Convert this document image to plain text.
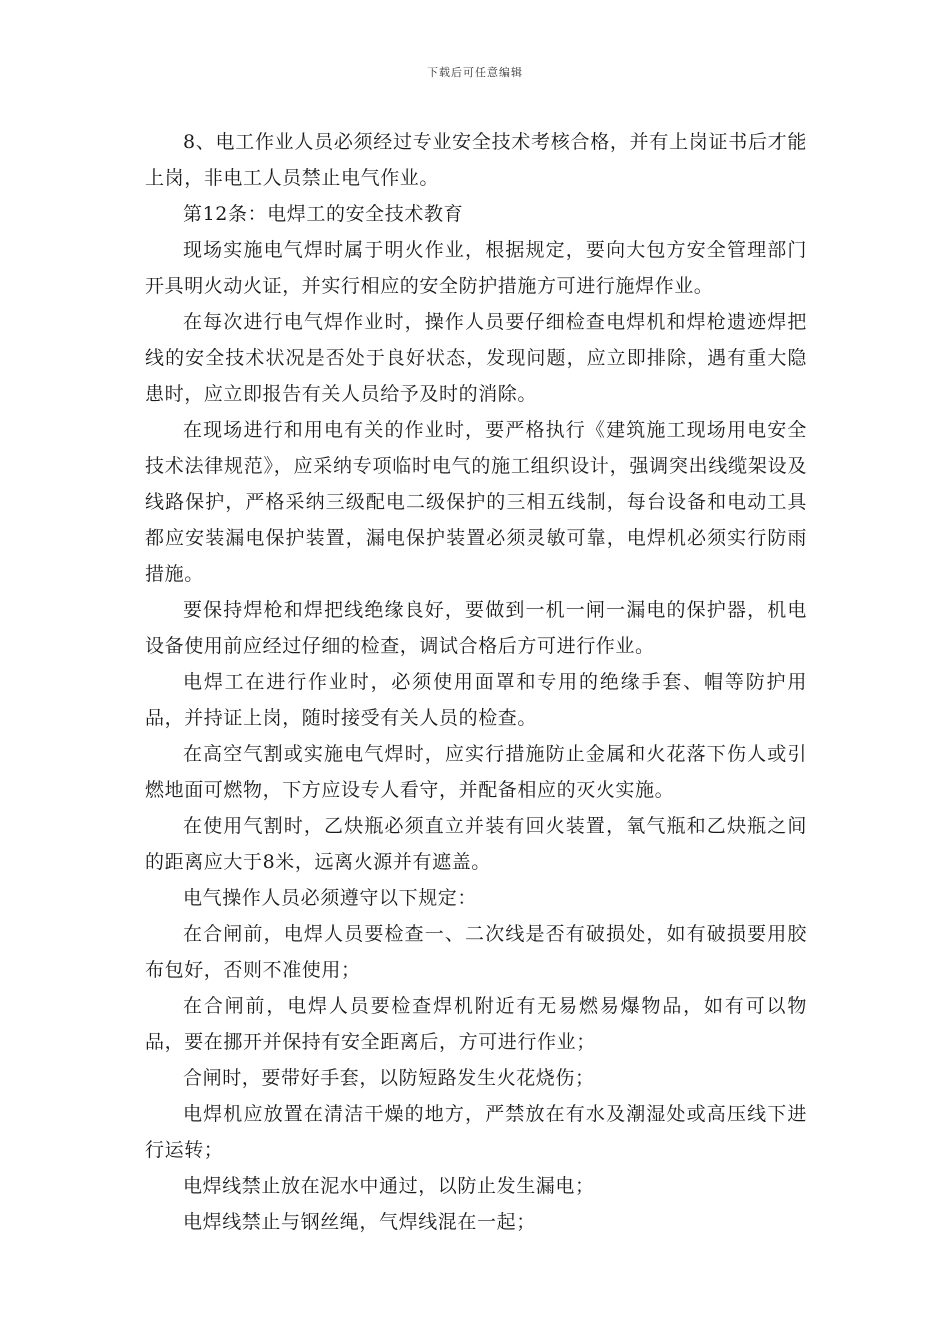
下载后可任意编辑

8、电工作业人员必须经过专业安全技术考核合格，并有上岗证书后才能上岗，非电工人员禁止电气作业。

第12条：电焊工的安全技术教育

现场实施电气焊时属于明火作业，根据规定，要向大包方安全管理部门开具明火动火证，并实行相应的安全防护措施方可进行施焊作业。

在每次进行电气焊作业时，操作人员要仔细检查电焊机和焊枪遗迹焊把线的安全技术状况是否处于良好状态，发现问题，应立即排除，遇有重大隐患时，应立即报告有关人员给予及时的消除。

在现场进行和用电有关的作业时，要严格执行《建筑施工现场用电安全技术法律规范》，应采纳专项临时电气的施工组织设计，强调突出线缆架设及线路保护，严格采纳三级配电二级保护的三相五线制，每台设备和电动工具都应安装漏电保护装置，漏电保护装置必须灵敏可靠，电焊机必须实行防雨措施。

要保持焊枪和焊把线绝缘良好，要做到一机一闸一漏电的保护器，机电设备使用前应经过仔细的检查，调试合格后方可进行作业。

电焊工在进行作业时，必须使用面罩和专用的绝缘手套、帽等防护用品，并持证上岗，随时接受有关人员的检查。

在高空气割或实施电气焊时，应实行措施防止金属和火花落下伤人或引燃地面可燃物，下方应设专人看守，并配备相应的灭火实施。

在使用气割时，乙炔瓶必须直立并装有回火装置，氧气瓶和乙炔瓶之间的距离应大于8米，远离火源并有遮盖。

电气操作人员必须遵守以下规定：

在合闸前，电焊人员要检查一、二次线是否有破损处，如有破损要用胶布包好，否则不准使用；

在合闸前，电焊人员要检查焊机附近有无易燃易爆物品，如有可以物品，要在挪开并保持有安全距离后，方可进行作业；

合闸时，要带好手套，以防短路发生火花烧伤；

电焊机应放置在清洁干燥的地方，严禁放在有水及潮湿处或高压线下进行运转；

电焊线禁止放在泥水中通过，以防止发生漏电；

电焊线禁止与钢丝绳，气焊线混在一起；
